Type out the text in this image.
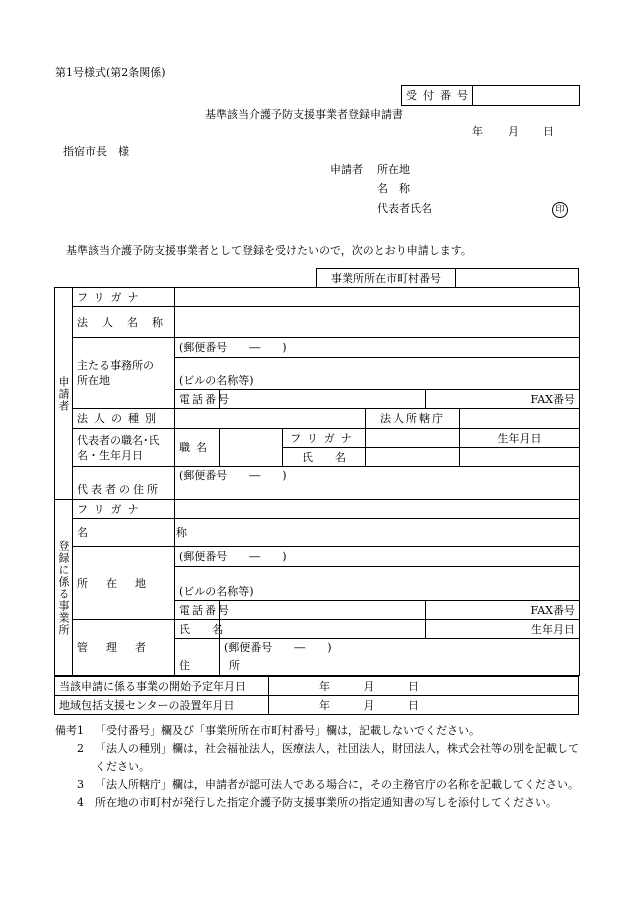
第1号様式(第2条関係)
受付番号	
基準該当介護予防支援事業者登録申請書
年 月 日
指宿市長　様
申請者 所在地
名　称
代表者氏名	印
基準該当介護予防支援事業者として登録を受けたいので，次のとおり申請します。
事業所所在市町村番号	
申請者	フリガナ							
	法人名称							

	主たる事務所の
所在地	(郵便番号　　―　　)						
		(ビルの名称等)						
		電話番号				FAX番号		
	法人の種別				法人所轄庁			

	代表者の職名･氏
名・生年月日	職名		フリガナ			生年月日	
				氏　　名				
	代表者の住所	(郵便番号　　―　　)						
登録に係る事業所	フリガナ							
	名　　称							
	所在地	(郵便番号　　―　　)						
		(ビルの名称等)						
		電話番号				FAX番号		
	管理者	氏　　名				生年月日		
		住　所	(郵便番号　　―　　)					
当該申請に係る事業の開始予定年月日	年 月 日
地域包括支援センターの設置年月日	年 月 日
備考1　 「受付番号」欄及び「事業所所在市町村番号」欄は，記載しないでください。
　　2　 「法人の種別」欄は，社会福祉法人，医療法人，社団法人，財団法人，株式会社等の別を記載してください。
　　3　 「法人所轄庁」欄は，申請者が認可法人である場合に，その主務官庁の名称を記載してください。
　　4　 所在地の市町村が発行した指定介護予防支援事業所の指定通知書の写しを添付してください。
